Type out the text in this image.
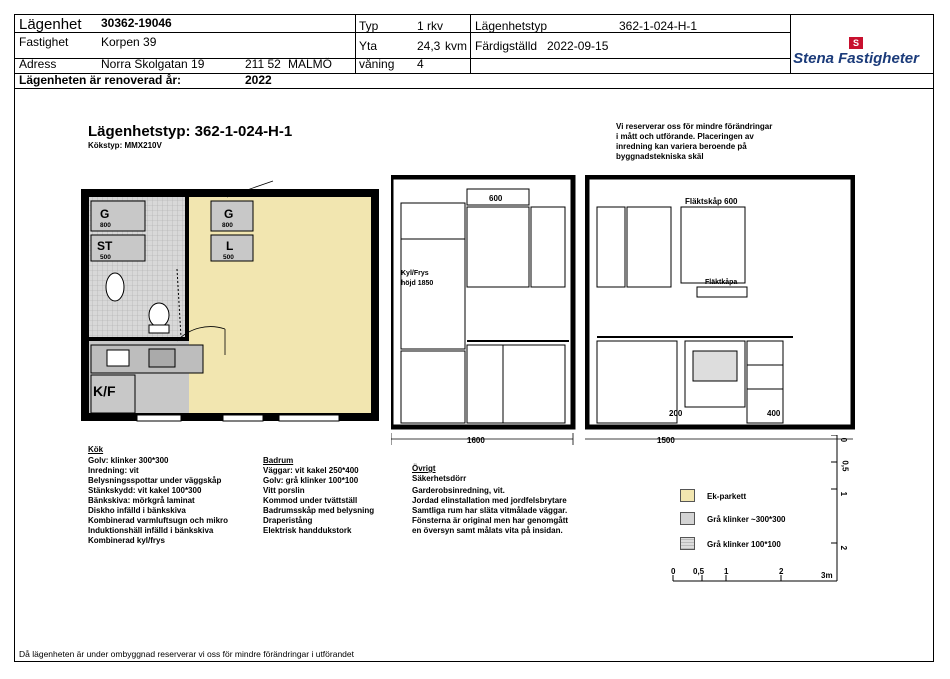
Lägenhet 30362-19046
Fastighet	Korpen 39
Adress	Norra Skolgatan 19	211 52 MALMÖ
Typ	1 rkv
Yta	24,3 kvm
våning 4
Lägenhetstyp	362-1-024-H-1
Färdigställd 2022-09-15
Lägenheten är renoverad år:	2022
S
Stena Fastigheter
Lägenhetstyp: 362-1-024-H-1
Kökstyp: MMX210V
Vi reserverar oss för mindre förändringar
i mått och utförande. Placeringen av
inredning kan variera beroende på
byggnadstekniska skäl
G
800
G
800
ST
500
L
500
K/F
600
Kyl/Frys
höjd 1850
1600
Fläktskåp 600
Fläktkåpa
200	400
1500
Kök
Golv: klinker 300*300
Inredning: vit
Belysningsspottar under väggskåp
Stänkskydd: vit kakel 100*300
Bänkskiva: mörkgrå laminat
Diskho infälld i bänkskiva
Kombinerad varmluftsugn och mikro
Induktionshäll infälld i bänkskiva
Kombinerad kyl/frys
Badrum
Väggar: vit kakel 250*400
Golv: grå klinker 100*100
Vitt porslin
Kommod under tvättställ
Badrumsskåp med belysning
Draperistång
Elektrisk handdukstork
Övrigt
Säkerhetsdörr
Garderobsinredning, vit.
Jordad elinstallation med jordfelsbrytare
Samtliga rum har släta vitmålade väggar.
Fönsterna är original men har genomgått
en översyn samt målats vita på insidan.
Ek-parkett
Grå klinker ~300*300
Grå klinker 100*100
0 0,5 1	2	3m
0
0,5
1
2
Då lägenheten är under ombyggnad reserverar vi oss för mindre förändringar i utförandet
